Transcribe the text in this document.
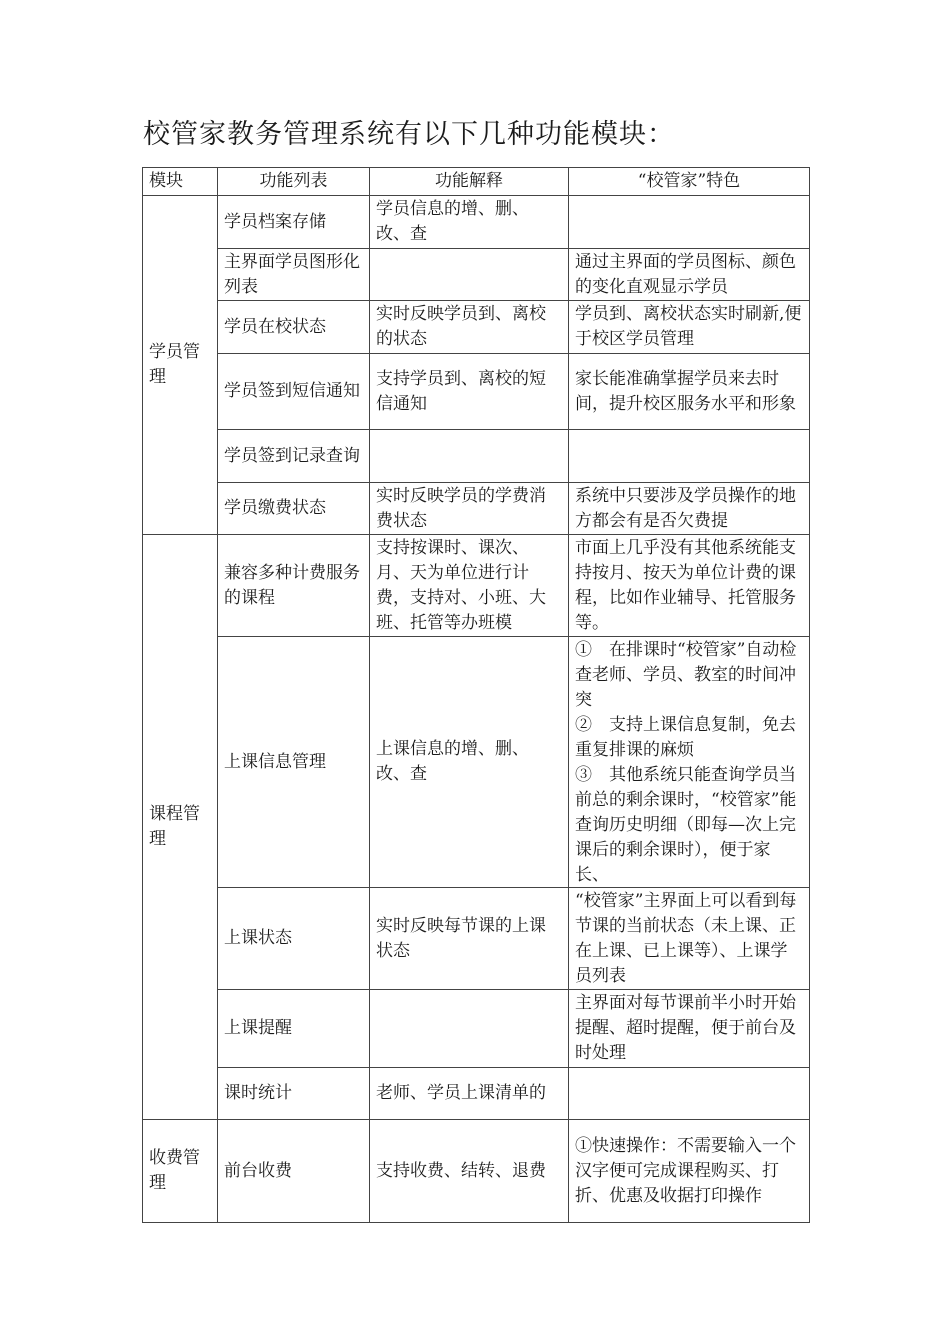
校管家教务管理系统有以下几种功能模块：
模块	功能列表	功能解释	“校管家”特色
学员管理	学员档案存储	学员信息的增、删、改、查	

	主界面学员图形化列表		通过主界面的学员图标、颜色的变化直观显示学员

	学员在校状态	实时反映学员到、离校的状态	学员到、离校状态实时刷新,便于校区学员管理

	学员签到短信通知	支持学员到、离校的短信通知	家长能准确掌握学员来去时间，提升校区服务水平和形象

	学员签到记录查询		

	学员缴费状态	实时反映学员的学费消费状态	系统中只要涉及学员操作的地方都会有是否欠费提

课程管理	兼容多种计费服务的课程	支持按课时、课次、月、天为单位进行计费，支持对、小班、大班、托管等办班模	市面上几乎没有其他系统能支持按月、按天为单位计费的课程，比如作业辅导、托管服务等。

	上课信息管理	上课信息的增、删、改、查	①　在排课时“校管家”自动检查老师、学员、教室的时间冲突
②　支持上课信息复制，免去重复排课的麻烦
③　其他系统只能查询学员当前总的剩余课时，“校管家”能查询历史明细（即每—次上完课后的剩余课时），便于家长、

	上课状态	实时反映每节课的上课状态	“校管家”主界面上可以看到每节课的当前状态（未上课、正在上课、已上课等）、上课学员列表

	上课提醒		主界面对每节课前半小时开始提醒、超时提醒，便于前台及时处理

	课时统计	老师、学员上课清单的	

收费管理	前台收费	支持收费、结转、退费	①快速操作：不需要输入一个汉字便可完成课程购买、打折、优惠及收据打印操作
